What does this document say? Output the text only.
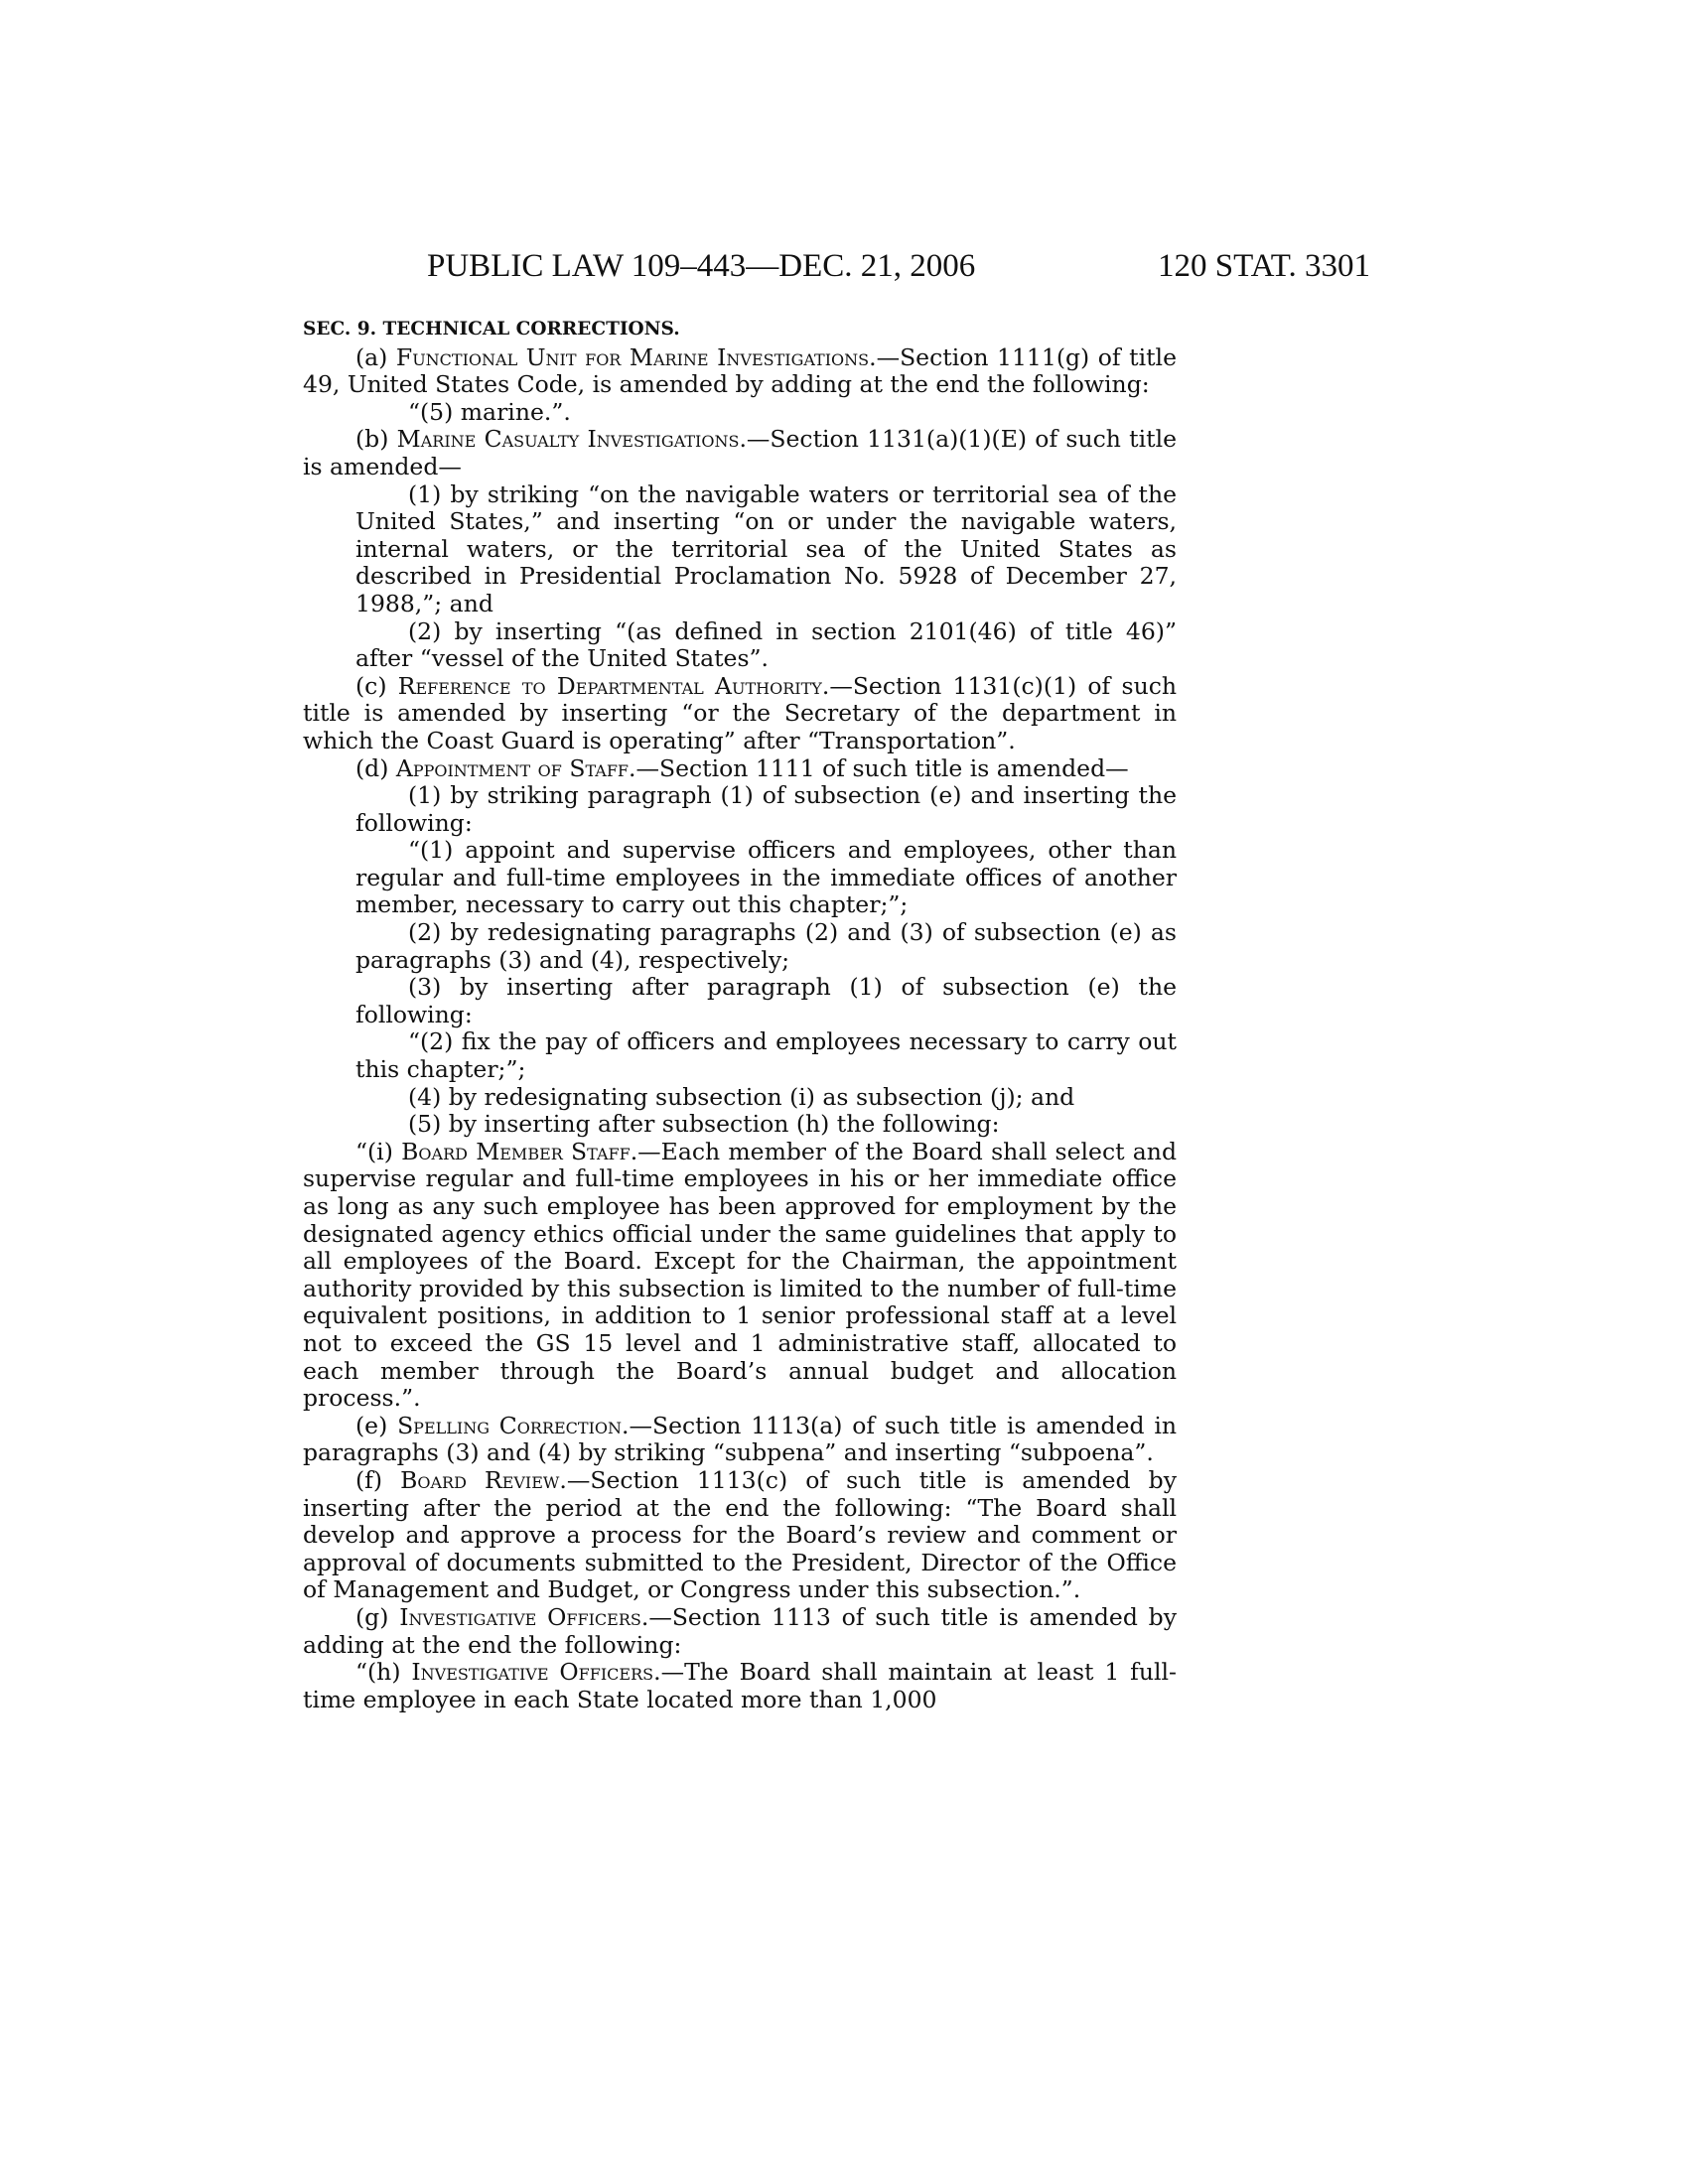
PUBLIC LAW 109–443—DEC. 21, 2006	120 STAT. 3301
SEC. 9. TECHNICAL CORRECTIONS.

(a) Functional Unit for Marine Investigations.—Section 1111(g) of title 49, United States Code, is amended by adding at the end the following:

“(5) marine.”.

(b) Marine Casualty Investigations.—Section 1131(a)(1)(E) of such title is amended—

(1) by striking “on the navigable waters or territorial sea of the United States,” and inserting “on or under the navigable waters, internal waters, or the territorial sea of the United States as described in Presidential Proclamation No. 5928 of December 27, 1988,”; and

(2) by inserting “(as defined in section 2101(46) of title 46)” after “vessel of the United States”.

(c) Reference to Departmental Authority.—Section 1131(c)(1) of such title is amended by inserting “or the Secretary of the department in which the Coast Guard is operating” after “Transportation”.

(d) Appointment of Staff.—Section 1111 of such title is amended—

(1) by striking paragraph (1) of subsection (e) and inserting the following:

“(1) appoint and supervise officers and employees, other than regular and full-time employees in the immediate offices of another member, necessary to carry out this chapter;”;

(2) by redesignating paragraphs (2) and (3) of subsection (e) as paragraphs (3) and (4), respectively;

(3) by inserting after paragraph (1) of subsection (e) the following:

“(2) fix the pay of officers and employees necessary to carry out this chapter;”;

(4) by redesignating subsection (i) as subsection (j); and

(5) by inserting after subsection (h) the following:

“(i) Board Member Staff.—Each member of the Board shall select and supervise regular and full-time employees in his or her immediate office as long as any such employee has been approved for employment by the designated agency ethics official under the same guidelines that apply to all employees of the Board. Except for the Chairman, the appointment authority provided by this subsection is limited to the number of full-time equivalent positions, in addition to 1 senior professional staff at a level not to exceed the GS 15 level and 1 administrative staff, allocated to each member through the Board’s annual budget and allocation process.”.

(e) Spelling Correction.—Section 1113(a) of such title is amended in paragraphs (3) and (4) by striking “subpena” and inserting “subpoena”.

(f) Board Review.—Section 1113(c) of such title is amended by inserting after the period at the end the following: “The Board shall develop and approve a process for the Board’s review and comment or approval of documents submitted to the President, Director of the Office of Management and Budget, or Congress under this subsection.”.

(g) Investigative Officers.—Section 1113 of such title is amended by adding at the end the following:

“(h) Investigative Officers.—The Board shall maintain at least 1 full-time employee in each State located more than 1,000
